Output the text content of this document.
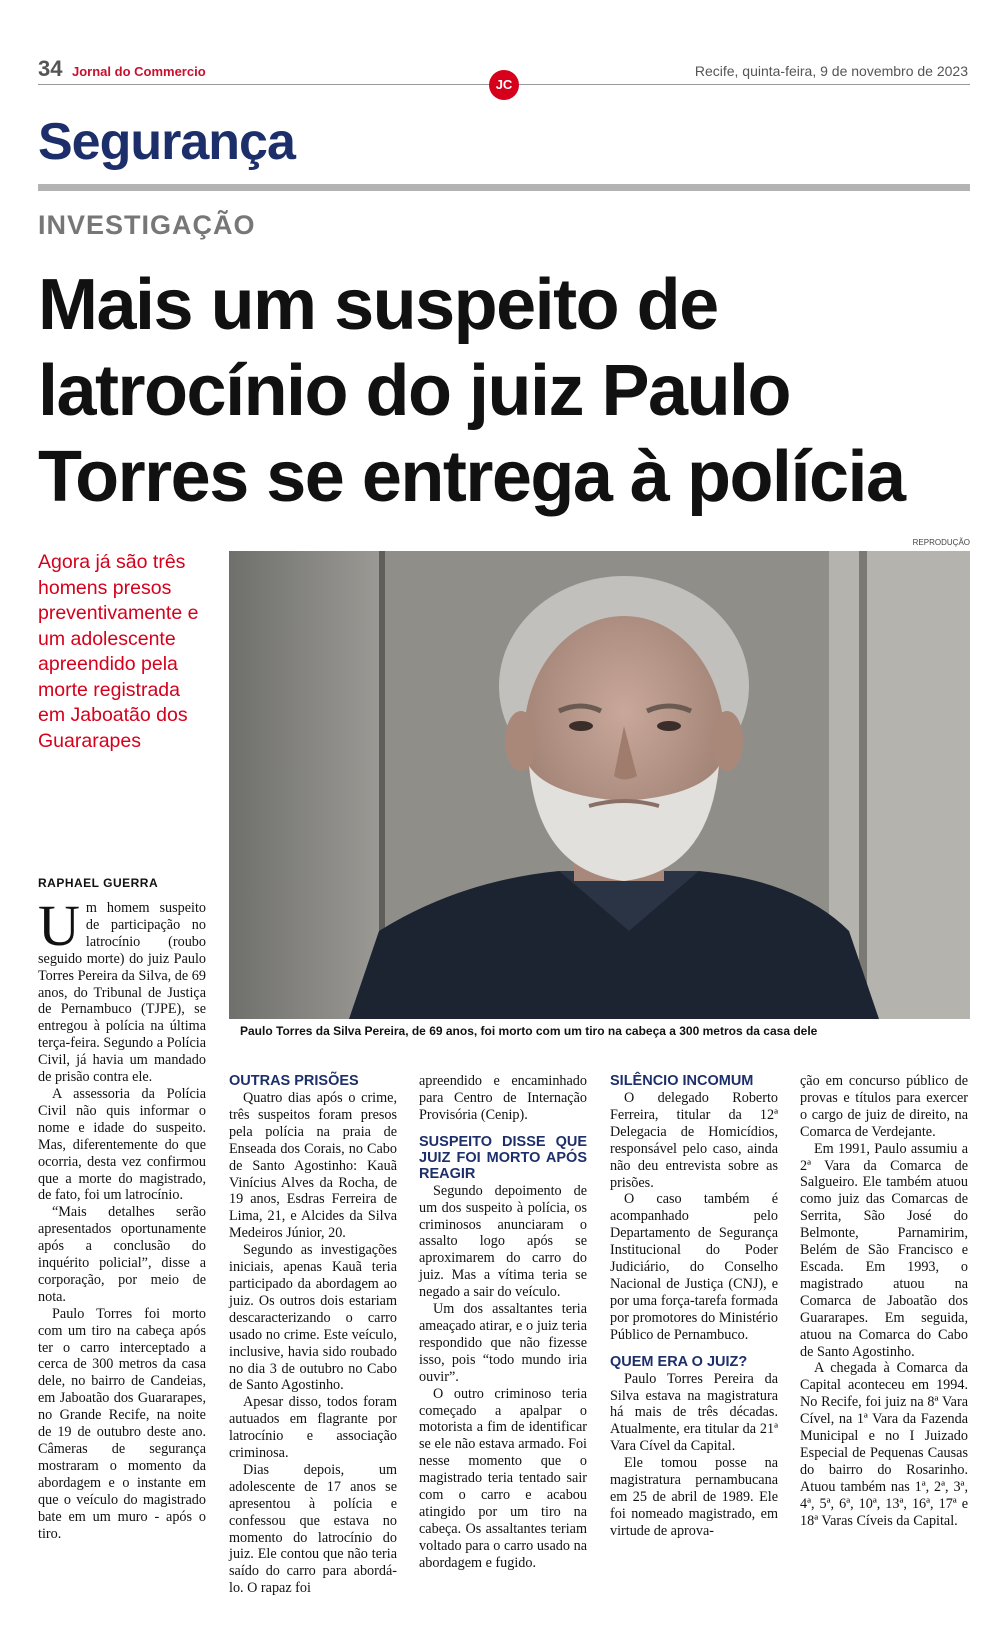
34 Jornal do Commercio
JC
Recife, quinta-feira, 9 de novembro de 2023
Segurança
INVESTIGAÇÃO
Mais um suspeito de latrocínio do juiz Paulo Torres se entrega à polícia
Agora já são três homens presos preventivamente e um adolescente apreendido pela morte registrada em Jaboatão dos Guararapes
REPRODUÇÃO
Paulo Torres da Silva Pereira, de 69 anos, foi morto com um tiro na cabeça a 300 metros da casa dele
RAPHAEL GUERRA
U m homem suspeito de participação no latrocínio (roubo seguido morte) do juiz Paulo Torres Pereira da Silva, de 69 anos, do Tribunal de Justiça de Pernambuco (TJPE), se entregou à polícia na última terça-feira. Segundo a Polícia Civil, já havia um mandado de prisão contra ele.

A assessoria da Polícia Civil não quis informar o nome e idade do suspeito. Mas, diferentemente do que ocorria, desta vez confirmou que a morte do magistrado, de fato, foi um latrocínio.

“Mais detalhes serão apresentados oportunamente após a conclusão do inquérito policial”, disse a corporação, por meio de nota.

Paulo Torres foi morto com um tiro na cabeça após ter o carro interceptado a cerca de 300 metros da casa dele, no bairro de Candeias, em Jaboatão dos Guararapes, no Grande Recife, na noite de 19 de outubro deste ano. Câmeras de segurança mostraram o momento da abordagem e o instante em que o veículo do magistrado bate em um muro - após o tiro.

OUTRAS PRISÕES

Quatro dias após o crime, três suspeitos foram presos pela polícia na praia de Enseada dos Corais, no Cabo de Santo Agostinho: Kauã Vinícius Alves da Rocha, de 19 anos, Esdras Ferreira de Lima, 21, e Alcides da Silva Medeiros Júnior, 20.

Segundo as investigações iniciais, apenas Kauã teria participado da abordagem ao juiz. Os outros dois estariam descaracterizando o carro usado no crime. Este veículo, inclusive, havia sido roubado no dia 3 de outubro no Cabo de Santo Agostinho.

Apesar disso, todos foram autuados em flagrante por latrocínio e associação criminosa.

Dias depois, um adolescente de 17 anos se apresentou à polícia e confessou que estava no momento do latrocínio do juiz. Ele contou que não teria saído do carro para abordá-lo. O rapaz foi

apreendido e encaminhado para Centro de Internação Provisória (Cenip).

SUSPEITO DISSE QUE JUIZ FOI MORTO APÓS REAGIR

Segundo depoimento de um dos suspeito à polícia, os criminosos anunciaram o assalto logo após se aproximarem do carro do juiz. Mas a vítima teria se negado a sair do veículo.

Um dos assaltantes teria ameaçado atirar, e o juiz teria respondido que não fizesse isso, pois “todo mundo iria ouvir”.

O outro criminoso teria começado a apalpar o motorista a fim de identificar se ele não estava armado. Foi nesse momento que o magistrado teria tentado sair com o carro e acabou atingido por um tiro na cabeça. Os assaltantes teriam voltado para o carro usado na abordagem e fugido.

SILÊNCIO INCOMUM

O delegado Roberto Ferreira, titular da 12ª Delegacia de Homicídios, responsável pelo caso, ainda não deu entrevista sobre as prisões.

O caso também é acompanhado pelo Departamento de Segurança Institucional do Poder Judiciário, do Conselho Nacional de Justiça (CNJ), e por uma força-tarefa formada por promotores do Ministério Público de Pernambuco.

QUEM ERA O JUIZ?

Paulo Torres Pereira da Silva estava na magistratura há mais de três décadas. Atualmente, era titular da 21ª Vara Cível da Capital.

Ele tomou posse na magistratura pernambucana em 25 de abril de 1989. Ele foi nomeado magistrado, em virtude de aprova-

ção em concurso público de provas e títulos para exercer o cargo de juiz de direito, na Comarca de Verdejante.

Em 1991, Paulo assumiu a 2ª Vara da Comarca de Salgueiro. Ele também atuou como juiz das Comarcas de Serrita, São José do Belmonte, Parnamirim, Belém de São Francisco e Escada. Em 1993, o magistrado atuou na Comarca de Jaboatão dos Guararapes. Em seguida, atuou na Comarca do Cabo de Santo Agostinho.

A chegada à Comarca da Capital aconteceu em 1994. No Recife, foi juiz na 8ª Vara Cível, na 1ª Vara da Fazenda Municipal e no I Juizado Especial de Pequenas Causas do bairro do Rosarinho. Atuou também nas 1ª, 2ª, 3ª, 4ª, 5ª, 6ª, 10ª, 13ª, 16ª, 17ª e 18ª Varas Cíveis da Capital.
